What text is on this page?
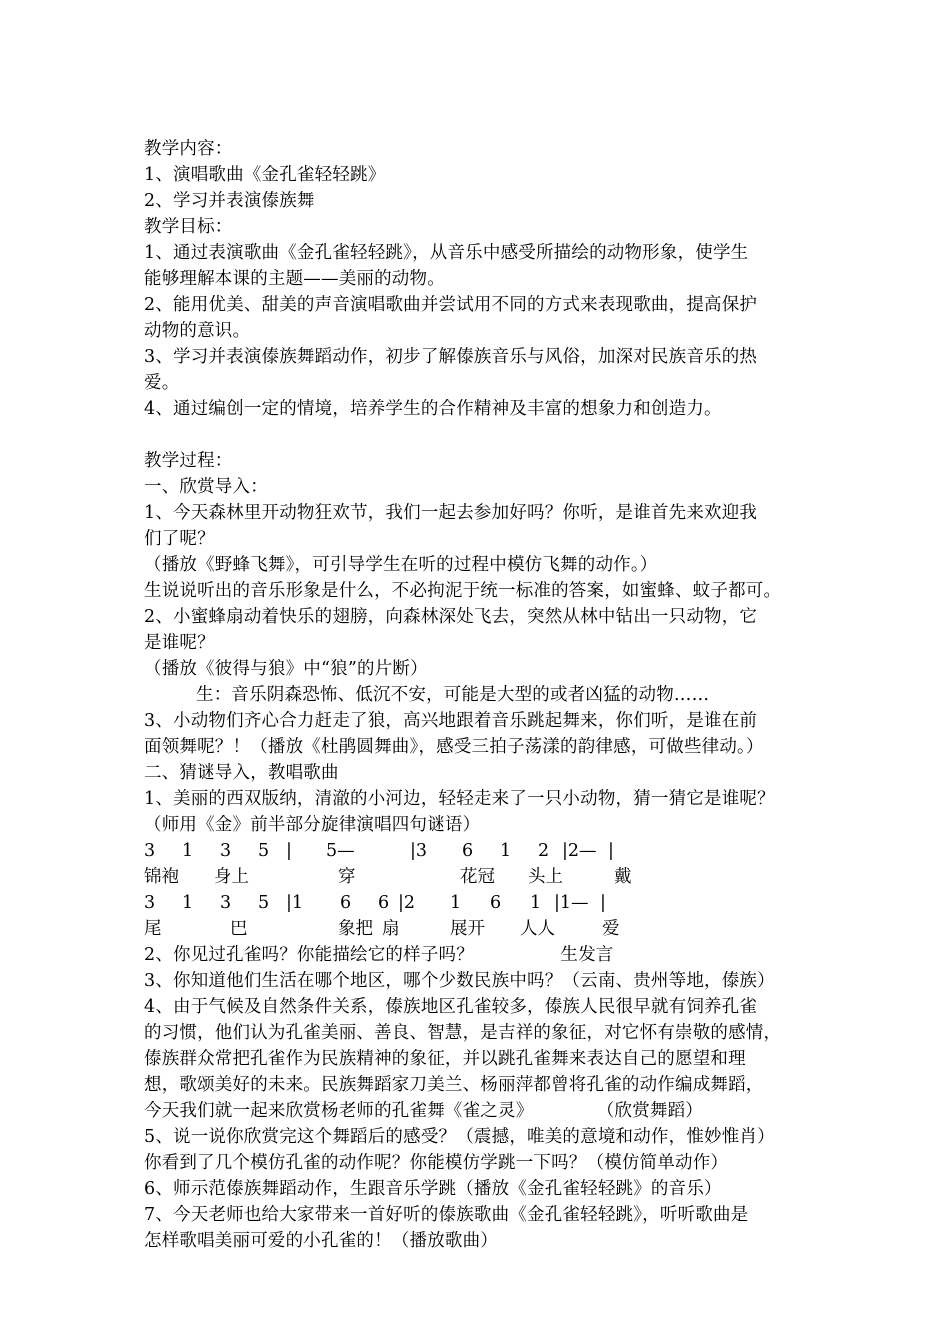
教学内容：
1、演唱歌曲《金孔雀轻轻跳》
2、学习并表演傣族舞
教学目标：
1、通过表演歌曲《金孔雀轻轻跳》，从音乐中感受所描绘的动物形象，使学生
能够理解本课的主题——美丽的动物。
2、能用优美、甜美的声音演唱歌曲并尝试用不同的方式来表现歌曲，提高保护
动物的意识。
3、学习并表演傣族舞蹈动作，初步了解傣族音乐与风俗，加深对民族音乐的热
爱。
4、通过编创一定的情境，培养学生的合作精神及丰富的想象力和创造力。
教学过程：
一、欣赏导入：
1、今天森林里开动物狂欢节，我们一起去参加好吗？你听，是谁首先来欢迎我
们了呢？
（播放《野蜂飞舞》，可引导学生在听的过程中模仿飞舞的动作。）
生说说听出的音乐形象是什么，不必拘泥于统一标准的答案，如蜜蜂、蚊子都可。
2、小蜜蜂扇动着快乐的翅膀，向森林深处飞去，突然从林中钻出一只动物，它
是谁呢？
（播放《彼得与狼》中“狼”的片断）
生：音乐阴森恐怖、低沉不安，可能是大型的或者凶猛的动物……
3、小动物们齐心合力赶走了狼，高兴地跟着音乐跳起舞来，你们听，是谁在前
面领舞呢？！（播放《杜鹃圆舞曲》，感受三拍子荡漾的韵律感，可做些律动。）
二、猜谜导入，教唱歌曲
1、美丽的西双版纳，清澈的小河边，轻轻走来了一只小动物，猜一猜它是谁呢？
（师用《金》前半部分旋律演唱四句谜语）
3 1 3 5 | 5—	|3 6 1 2 |2— |
锦袍 身上	穿	花冠 头上	戴
3 1 3 5 |1 6 6 |2 1 6 1 |1— |
尾	巴	象把 扇	展开 人人	爱
2、你见过孔雀吗？你能描绘它的样子吗？               生发言
3、你知道他们生活在哪个地区，哪个少数民族中吗？（云南、贵州等地，傣族）
4、由于气候及自然条件关系，傣族地区孔雀较多，傣族人民很早就有饲养孔雀
的习惯，他们认为孔雀美丽、善良、智慧，是吉祥的象征，对它怀有崇敬的感情，
傣族群众常把孔雀作为民族精神的象征，并以跳孔雀舞来表达自己的愿望和理
想，歌颂美好的未来。民族舞蹈家刀美兰、杨丽萍都曾将孔雀的动作编成舞蹈，
今天我们就一起来欣赏杨老师的孔雀舞《雀之灵》           （欣赏舞蹈）
5、说一说你欣赏完这个舞蹈后的感受？（震撼，唯美的意境和动作，惟妙惟肖）
你看到了几个模仿孔雀的动作呢？你能模仿学跳一下吗？（模仿简单动作）
6、师示范傣族舞蹈动作，生跟音乐学跳（播放《金孔雀轻轻跳》的音乐）
7、今天老师也给大家带来一首好听的傣族歌曲《金孔雀轻轻跳》，听听歌曲是
怎样歌唱美丽可爱的小孔雀的！（播放歌曲）
